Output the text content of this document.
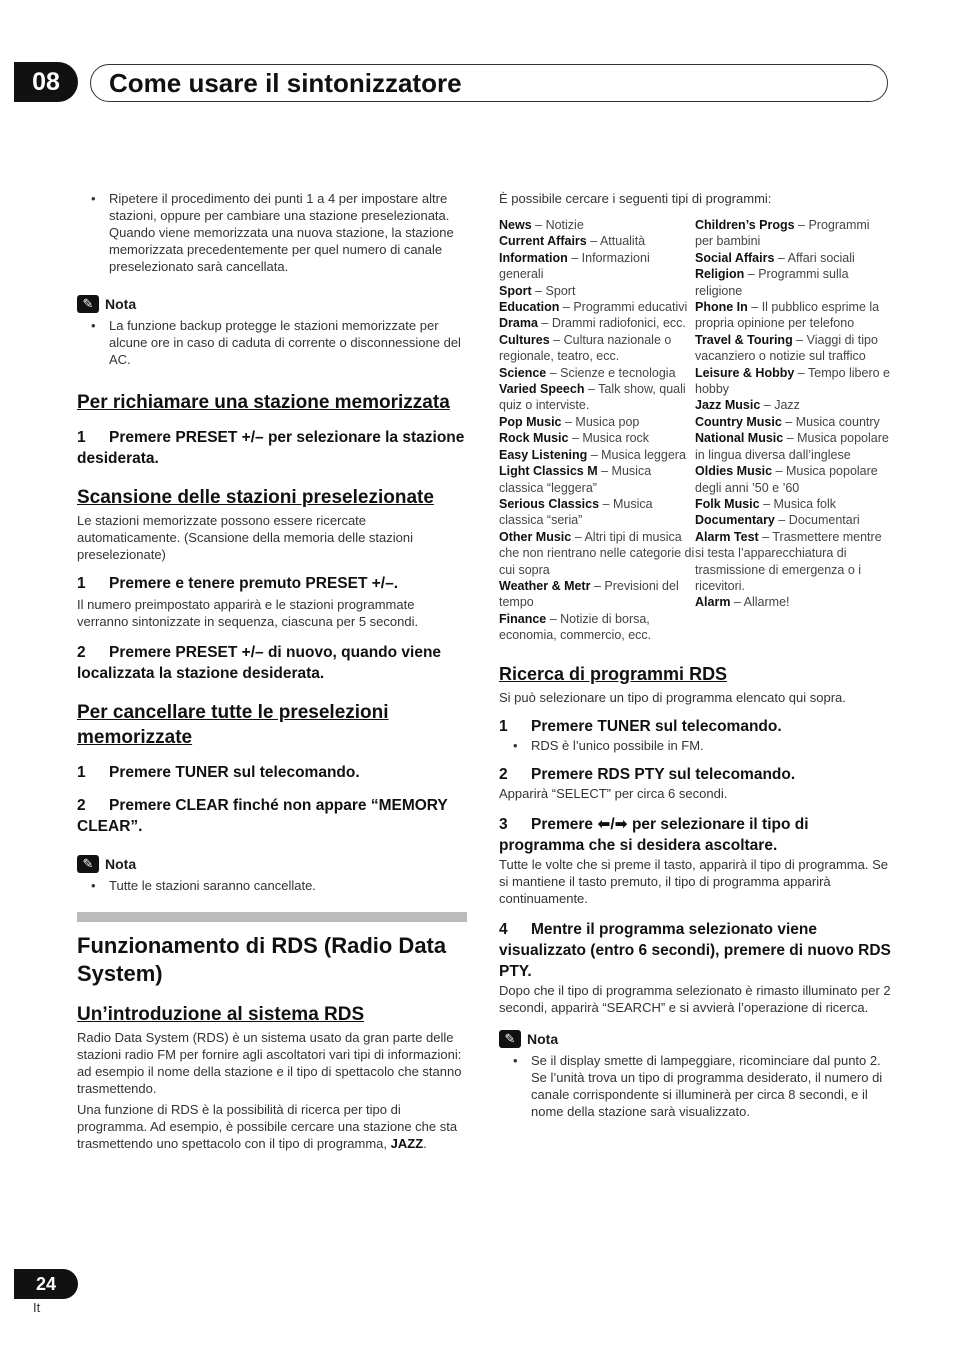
08 Come usare il sintonizzatore
• Ripetere il procedimento dei punti 1 a 4 per impostare altre stazioni, oppure per cambiare una stazione preselezionata. Quando viene memorizzata una nuova stazione, la stazione memorizzata precedentemente per quel numero di canale preselezionato sarà cancellata.
✎ Nota
• La funzione backup protegge le stazioni memorizzate per alcune ore in caso di caduta di corrente o disconnessione del AC.
Per richiamare una stazione memorizzata
1 Premere PRESET +/– per selezionare la stazione desiderata.
Scansione delle stazioni preselezionate
Le stazioni memorizzate possono essere ricercate automaticamente. (Scansione della memoria delle stazioni preselezionate)
1 Premere e tenere premuto PRESET +/–.
Il numero preimpostato apparirà e le stazioni programmate verranno sintonizzate in sequenza, ciascuna per 5 secondi.
2 Premere PRESET +/– di nuovo, quando viene localizzata la stazione desiderata.
Per cancellare tutte le preselezioni memorizzate
1 Premere TUNER sul telecomando.
2 Premere CLEAR finché non appare “MEMORY CLEAR”.
✎ Nota
• Tutte le stazioni saranno cancellate.
Funzionamento di RDS (Radio Data System)
Un’introduzione al sistema RDS
Radio Data System (RDS) è un sistema usato da gran parte delle stazioni radio FM per fornire agli ascoltatori vari tipi di informazioni: ad esempio il nome della stazione e il tipo di spettacolo che stanno trasmettendo.
Una funzione di RDS è la possibilità di ricerca per tipo di programma. Ad esempio, è possibile cercare una stazione che sta trasmettendo uno spettacolo con il tipo di programma, JAZZ.
È possibile cercare i seguenti tipi di programmi:
News – Notizie
Current Affairs – Attualità
Information – Informazioni generali
Sport – Sport
Education – Programmi educativi
Drama – Drammi radiofonici, ecc.
Cultures – Cultura nazionale o regionale, teatro, ecc.
Science – Scienze e tecnologia
Varied Speech – Talk show, quali quiz o interviste.
Pop Music – Musica pop
Rock Music – Musica rock
Easy Listening – Musica leggera
Light Classics M – Musica classica “leggera”
Serious Classics – Musica classica “seria”
Other Music – Altri tipi di musica che non rientrano nelle categorie di cui sopra
Weather & Metr – Previsioni del tempo
Finance – Notizie di borsa, economia, commercio, ecc.
Children’s Progs – Programmi per bambini
Social Affairs – Affari sociali
Religion – Programmi sulla religione
Phone In – Il pubblico esprime la propria opinione per telefono
Travel & Touring – Viaggi di tipo vacanziero o notizie sul traffico
Leisure & Hobby – Tempo libero e hobby
Jazz Music – Jazz
Country Music – Musica country
National Music – Musica popolare in lingua diversa dall’inglese
Oldies Music – Musica popolare degli anni ’50 e ’60
Folk Music – Musica folk
Documentary – Documentari
Alarm Test – Trasmettere mentre si testa l’apparecchiatura di trasmissione di emergenza o i ricevitori.
Alarm – Allarme!
Ricerca di programmi RDS
Si può selezionare un tipo di programma elencato qui sopra.
1 Premere TUNER sul telecomando.
• RDS è l’unico possibile in FM.
2 Premere RDS PTY sul telecomando.
Apparirà “SELECT” per circa 6 secondi.
3 Premere ⬅/➡ per selezionare il tipo di programma che si desidera ascoltare.
Tutte le volte che si preme il tasto, apparirà il tipo di programma. Se si mantiene il tasto premuto, il tipo di programma apparirà continuamente.
4 Mentre il programma selezionato viene visualizzato (entro 6 secondi), premere di nuovo RDS PTY.
Dopo che il tipo di programma selezionato è rimasto illuminato per 2 secondi, apparirà “SEARCH” e si avvierà l’operazione di ricerca.
✎ Nota
• Se il display smette di lampeggiare, ricominciare dal punto 2. Se l’unità trova un tipo di programma desiderato, il numero di canale corrispondente si illuminerà per circa 8 secondi, e il nome della stazione sarà visualizzato.
24
It
